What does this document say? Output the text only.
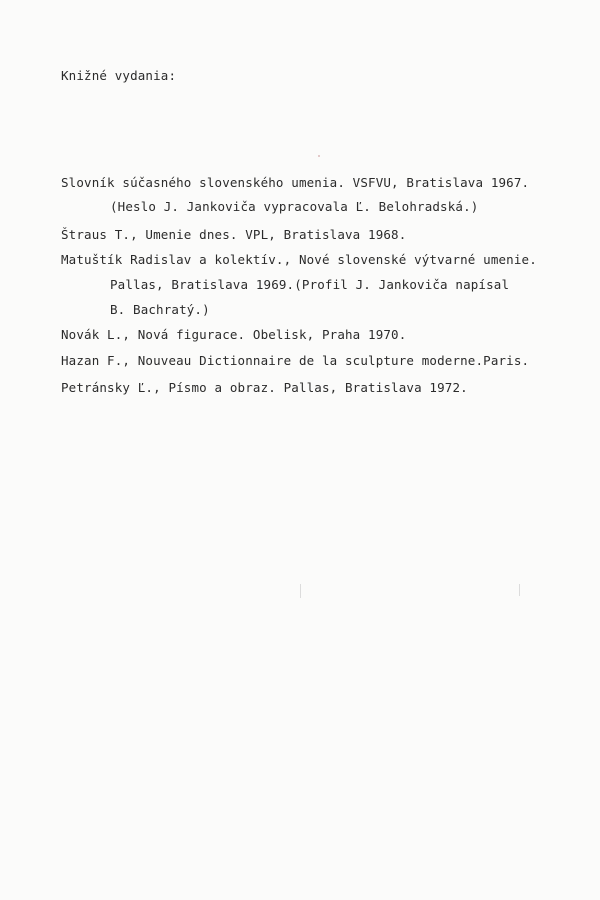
Knižné vydania:
Slovník súčasného slovenského umenia. VSFVU, Bratislava 1967.
(Heslo J. Jankoviča vypracovala Ľ. Belohradská.)
Štraus T., Umenie dnes. VPL, Bratislava 1968.
Matuštík Radislav a kolektív., Nové slovenské výtvarné umenie.
Pallas, Bratislava 1969.(Profil J. Jankoviča napísal
B. Bachratý.)
Novák L., Nová figurace. Obelisk, Praha 1970.
Hazan F., Nouveau Dictionnaire de la sculpture moderne.Paris.
Petránsky Ľ., Písmo a obraz. Pallas, Bratislava 1972.
